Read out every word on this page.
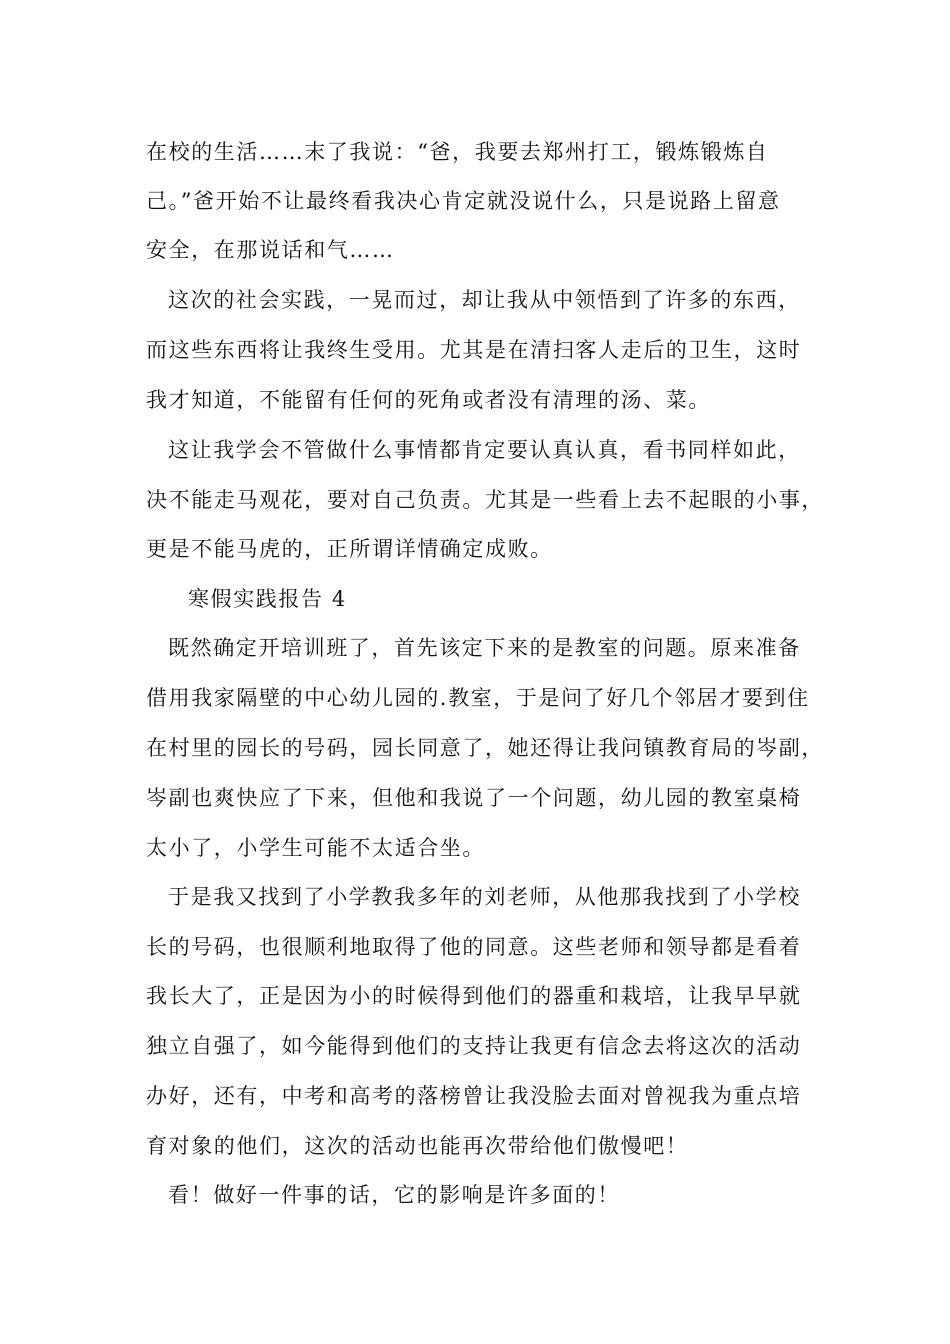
在校的生活……末了我说：“爸，我要去郑州打工，锻炼锻炼自
己。”爸开始不让最终看我决心肯定就没说什么，只是说路上留意
安全，在那说话和气……
这次的社会实践，一晃而过，却让我从中领悟到了许多的东西，
而这些东西将让我终生受用。尤其是在清扫客人走后的卫生，这时
我才知道，不能留有任何的死角或者没有清理的汤、菜。
这让我学会不管做什么事情都肯定要认真认真，看书同样如此，
决不能走马观花，要对自己负责。尤其是一些看上去不起眼的小事，
更是不能马虎的，正所谓详情确定成败。
寒假实践报告 4
既然确定开培训班了，首先该定下来的是教室的问题。原来准备
借用我家隔壁的中心幼儿园的.教室，于是问了好几个邻居才要到住
在村里的园长的号码，园长同意了，她还得让我问镇教育局的岑副，
岑副也爽快应了下来，但他和我说了一个问题，幼儿园的教室桌椅
太小了，小学生可能不太适合坐。
于是我又找到了小学教我多年的刘老师，从他那我找到了小学校
长的号码，也很顺利地取得了他的同意。这些老师和领导都是看着
我长大了，正是因为小的时候得到他们的器重和栽培，让我早早就
独立自强了，如今能得到他们的支持让我更有信念去将这次的活动
办好，还有，中考和高考的落榜曾让我没脸去面对曾视我为重点培
育对象的他们，这次的活动也能再次带给他们傲慢吧！
看！做好一件事的话，它的影响是许多面的！
